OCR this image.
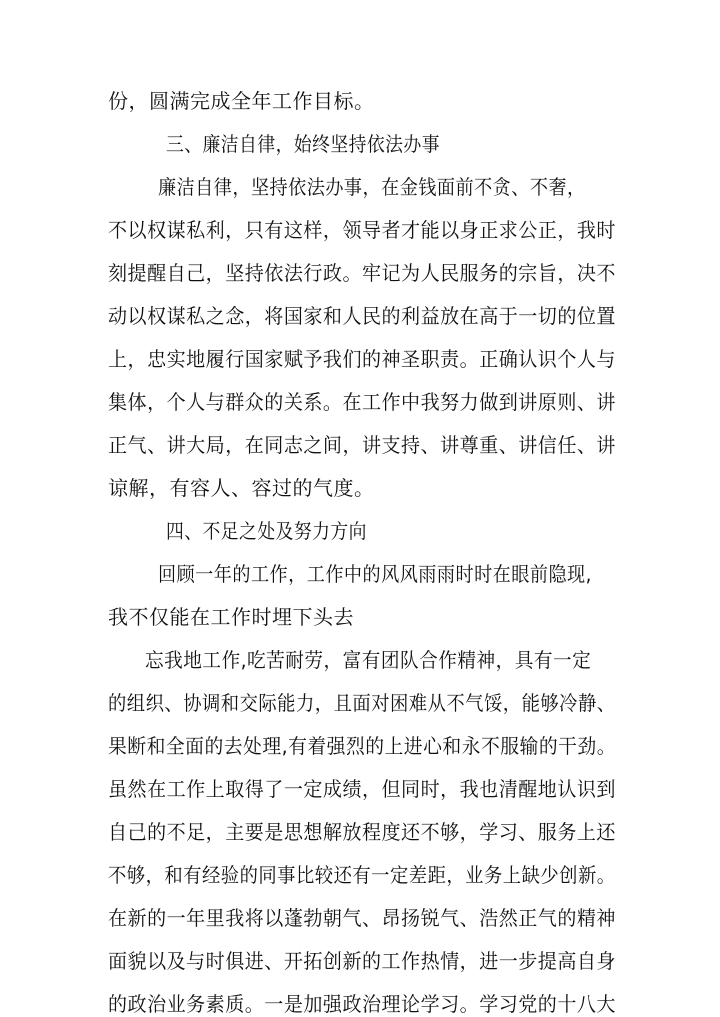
份，圆满完成全年工作目标。
三、廉洁自律，始终坚持依法办事
廉洁自律，坚持依法办事，在金钱面前不贪、不奢，
不以权谋私利，只有这样，领导者才能以身正求公正，我时
刻提醒自己，坚持依法行政。牢记为人民服务的宗旨，决不
动以权谋私之念，将国家和人民的利益放在高于一切的位置
上，忠实地履行国家赋予我们的神圣职责。正确认识个人与
集体，个人与群众的关系。在工作中我努力做到讲原则、讲
正气、讲大局，在同志之间，讲支持、讲尊重、讲信任、讲
谅解，有容人、容过的气度。
四、不足之处及努力方向
回顾一年的工作，工作中的风风雨雨时时在眼前隐现,
我不仅能在工作时埋下头去
忘我地工作,吃苦耐劳，富有团队合作精神，具有一定
的组织、协调和交际能力，且面对困难从不气馁，能够冷静、
果断和全面的去处理,有着强烈的上进心和永不服输的干劲。
虽然在工作上取得了一定成绩，但同时，我也清醒地认识到
自己的不足，主要是思想解放程度还不够，学习、服务上还
不够，和有经验的同事比较还有一定差距，业务上缺少创新。
在新的一年里我将以蓬勃朝气、昂扬锐气、浩然正气的精神
面貌以及与时俱进、开拓创新的工作热情，进一步提高自身
的政治业务素质。一是加强政治理论学习。学习党的十八大
